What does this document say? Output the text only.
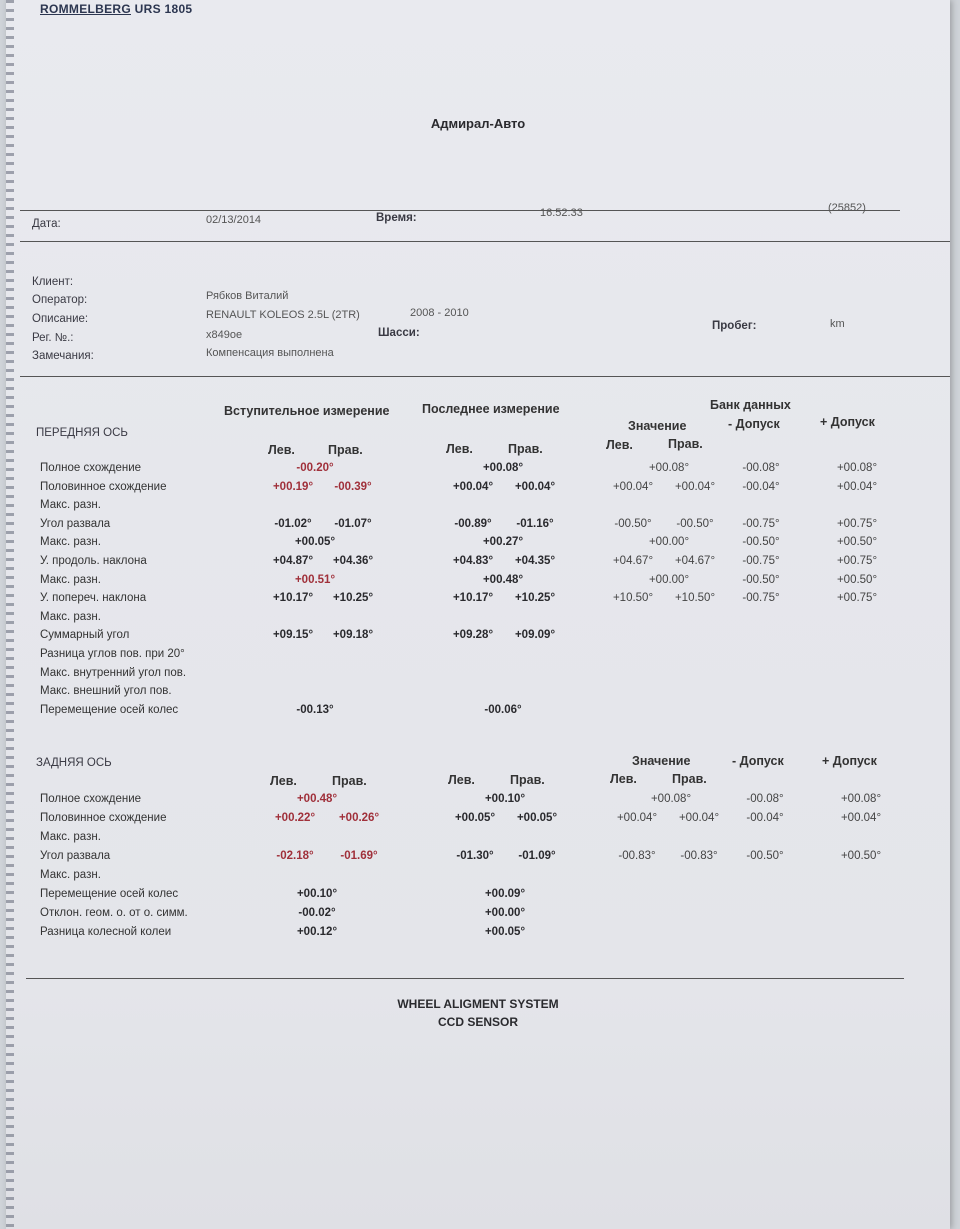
ROMMELBERG URS 1805
Адмирал-Авто
Дата:	02/13/2014	Время:	16:52:33	(25852)
Клиент:
Оператор:	Рябков Виталий
Описание:	RENAULT KOLEOS 2.5L (2TR)	2008 - 2010
Рег. №.:	x849oe	Шасси:
Пробег:	km
Замечания:	Компенсация выполнена
Вступительное измерение	Последнее измерение	Банк данных
Значение	- Допуск	+ Допуск
ПЕРЕДНЯЯ ОСЬ
Лев.	Прав.	Лев.	Прав.	Лев.	Прав.
Полное схождение	-00.20°	+00.08°	+00.08°	-00.08°	+00.08°
Половинное схождение	+00.19°	-00.39°	+00.04°	+00.04°	+00.04°	+00.04°	-00.04°	+00.04°
Макс. разн.
Угол развала	-01.02°	-01.07°	-00.89°	-01.16°	-00.50°	-00.50°	-00.75°	+00.75°
Макс. разн.	+00.05°	+00.27°	+00.00°	-00.50°	+00.50°
У. продоль. наклона	+04.87°	+04.36°	+04.83°	+04.35°	+04.67°	+04.67°	-00.75°	+00.75°
Макс. разн.	+00.51°	+00.48°	+00.00°	-00.50°	+00.50°
У. попереч. наклона	+10.17°	+10.25°	+10.17°	+10.25°	+10.50°	+10.50°	-00.75°	+00.75°
Макс. разн.
Суммарный угол	+09.15°	+09.18°	+09.28°	+09.09°
Разница углов пов. при 20°
Макс. внутренний угол пов.
Макс. внешний угол пов.
Перемещение осей колес	-00.13°	-00.06°
ЗАДНЯЯ ОСЬ	Значение	- Допуск	+ Допуск
Лев.	Прав.	Лев.	Прав.	Лев.	Прав.
Полное схождение	+00.48°	+00.10°	+00.08°	-00.08°	+00.08°
Половинное схождение	+00.22°	+00.26°	+00.05°	+00.05°	+00.04°	+00.04°	-00.04°	+00.04°
Макс. разн.
Угол развала	-02.18°	-01.69°	-01.30°	-01.09°	-00.83°	-00.83°	-00.50°	+00.50°
Макс. разн.
Перемещение осей колес	+00.10°	+00.09°
Отклон. геом. о. от о. симм.	-00.02°	+00.00°
Разница колесной колеи	+00.12°	+00.05°
WHEEL ALIGMENT SYSTEM
CCD SENSOR
